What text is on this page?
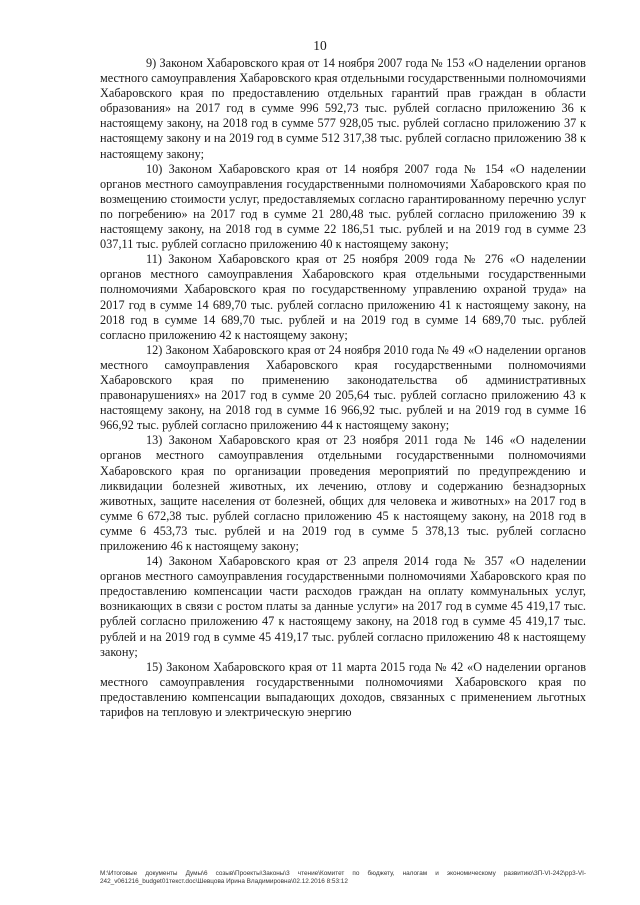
10

9) Законом Хабаровского края от 14 ноября 2007 года № 153 «О наделении органов местного самоуправления Хабаровского края отдельными государственными полномочиями Хабаровского края по предоставлению отдельных гарантий прав граждан в области образования» на 2017 год в сумме 996 592,73 тыс. рублей согласно приложению 36 к настоящему закону, на 2018 год в сумме 577 928,05 тыс. рублей согласно приложению 37 к настоящему закону и на 2019 год в сумме 512 317,38 тыс. рублей согласно приложению 38 к настоящему закону;

10) Законом Хабаровского края от 14 ноября 2007 года № 154 «О наделении органов местного самоуправления государственными полномочиями Хабаровского края по возмещению стоимости услуг, предоставляемых согласно гарантированному перечню услуг по погребению» на 2017 год в сумме 21 280,48 тыс. рублей согласно приложению 39 к настоящему закону, на 2018 год в сумме 22 186,51 тыс. рублей и на 2019 год в сумме 23 037,11 тыс. рублей согласно приложению 40 к настоящему закону;

11) Законом Хабаровского края от 25 ноября 2009 года № 276 «О наделении органов местного самоуправления Хабаровского края отдельными государственными полномочиями Хабаровского края по государственному управлению охраной труда» на 2017 год в сумме 14 689,70 тыс. рублей согласно приложению 41 к настоящему закону, на 2018 год в сумме 14 689,70 тыс. рублей и на 2019 год в сумме 14 689,70 тыс. рублей согласно приложению 42 к настоящему закону;

12) Законом Хабаровского края от 24 ноября 2010 года № 49 «О наделении органов местного самоуправления Хабаровского края государственными полномочиями Хабаровского края по применению законодательства об административных правонарушениях» на 2017 год в сумме 20 205,64 тыс. рублей согласно приложению 43 к настоящему закону, на 2018 год в сумме 16 966,92 тыс. рублей и на 2019 год в сумме 16 966,92 тыс. рублей согласно приложению 44 к настоящему закону;

13) Законом Хабаровского края от 23 ноября 2011 года № 146 «О наделении органов местного самоуправления отдельными государственными полномочиями Хабаровского края по организации проведения мероприятий по предупреждению и ликвидации болезней животных, их лечению, отлову и содержанию безнадзорных животных, защите населения от болезней, общих для человека и животных» на 2017 год в сумме 6 672,38 тыс. рублей согласно приложению 45 к настоящему закону, на 2018 год в сумме 6 453,73 тыс. рублей и на 2019 год в сумме 5 378,13 тыс. рублей согласно приложению 46 к настоящему закону;

14) Законом Хабаровского края от 23 апреля 2014 года № 357 «О наделении органов местного самоуправления государственными полномочиями Хабаровского края по предоставлению компенсации части расходов граждан на оплату коммунальных услуг, возникающих в связи с ростом платы за данные услуги» на 2017 год в сумме 45 419,17 тыс. рублей согласно приложению 47 к настоящему закону, на 2018 год в сумме 45 419,17 тыс. рублей и на 2019 год в сумме 45 419,17 тыс. рублей согласно приложению 48 к настоящему закону;

15) Законом Хабаровского края от 11 марта 2015 года № 42 «О наделении органов местного самоуправления государственными полномочиями Хабаровского края по предоставлению компенсации выпадающих доходов, связанных с применением льготных тарифов на тепловую и электрическую энергию

M:\Итоговые документы Думы\6 созыв\Проекты\Законы\3 чтение\Комитет по бюджету, налогам и экономическому развитию\ЗП-VI-242\рр3-VI-242_v061216_budget01текст.doc\Шевцова Ирина Владимировна\02.12.2016 8:53:12
